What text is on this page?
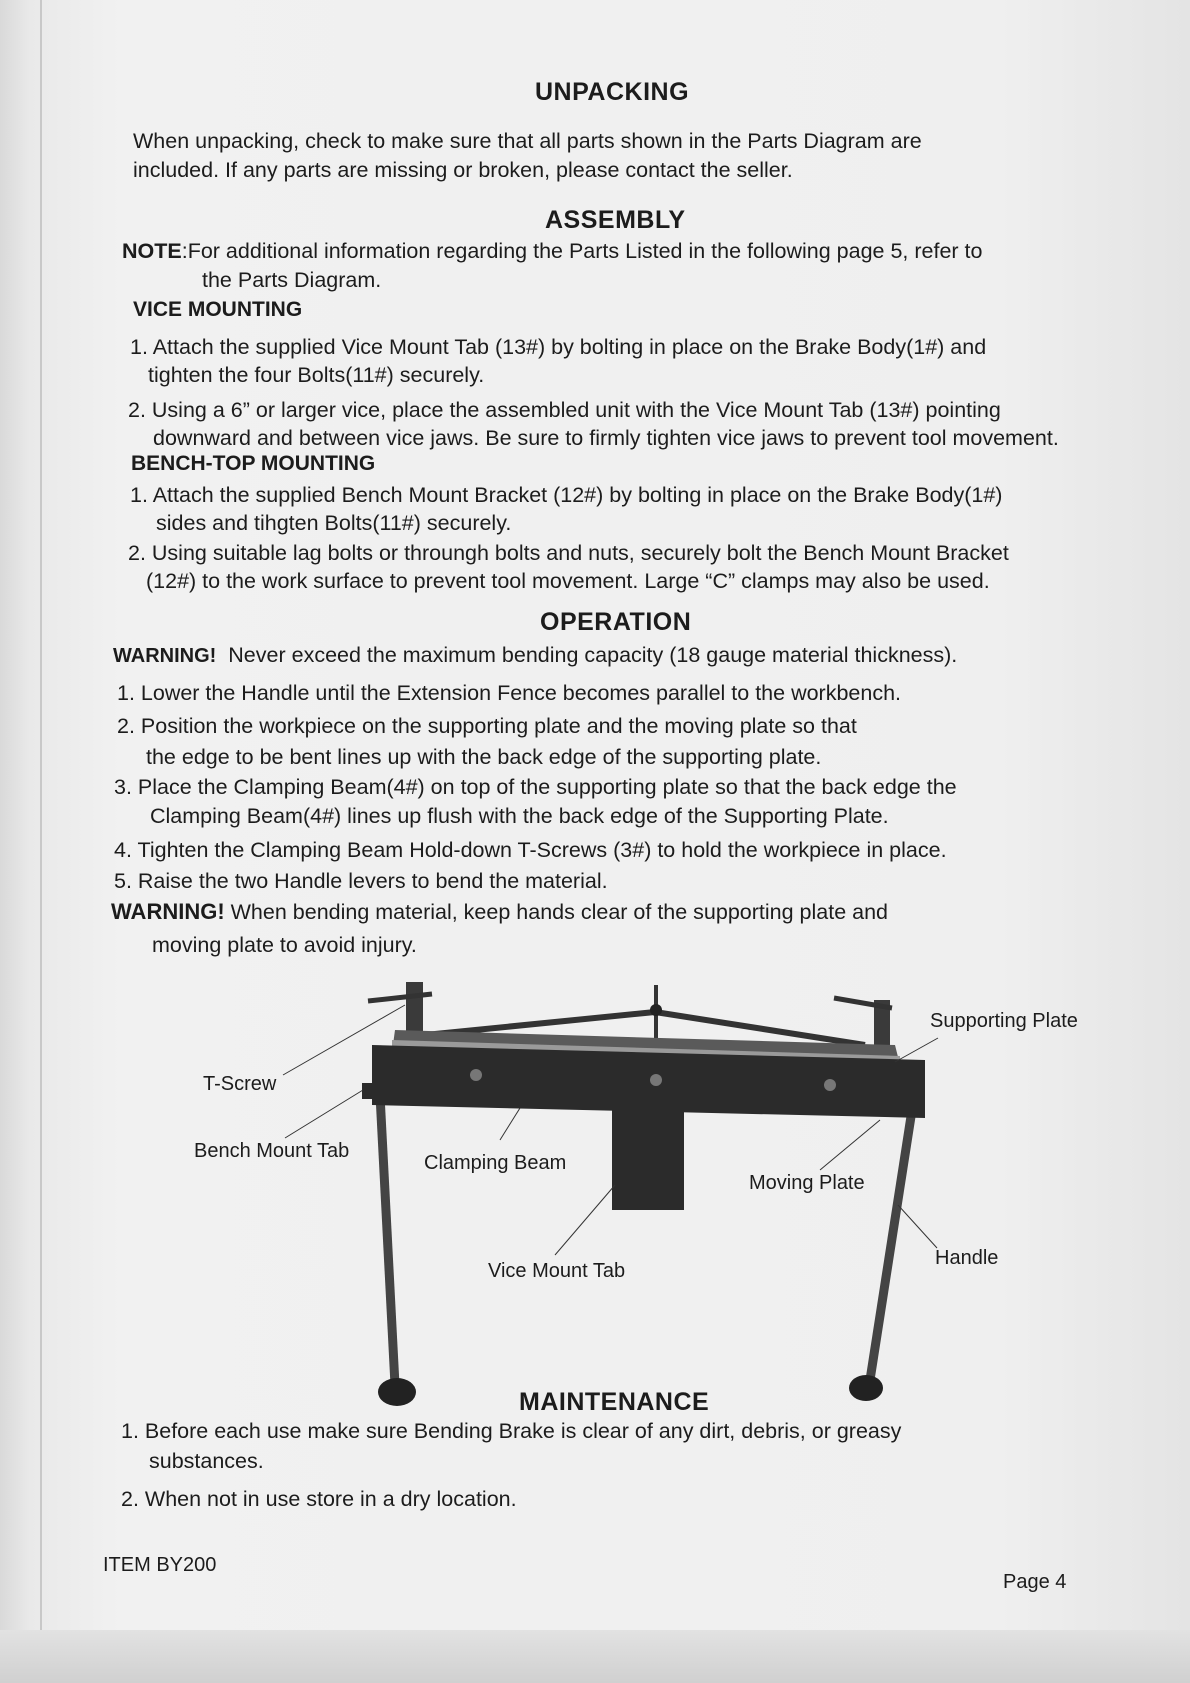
UNPACKING
When unpacking, check to make sure that all parts shown in the Parts Diagram are
included. If any parts are missing or broken, please contact the seller.
ASSEMBLY
NOTE:For additional information regarding the Parts Listed in the following page 5, refer to
the Parts Diagram.
VICE MOUNTING
1. Attach the supplied Vice Mount Tab (13#) by bolting in place on the Brake Body(1#) and
tighten the four Bolts(11#) securely.
2. Using a 6” or larger vice, place the assembled unit with the Vice Mount Tab (13#) pointing
downward and between vice jaws. Be sure to firmly tighten vice jaws to prevent tool movement.
BENCH-TOP MOUNTING
1. Attach the supplied Bench Mount Bracket (12#) by bolting in place on the Brake Body(1#)
sides and tihgten Bolts(11#) securely.
2. Using suitable lag bolts or throungh bolts and nuts, securely bolt the Bench Mount Bracket
(12#) to the work surface to prevent tool movement. Large “C” clamps may also be used.
OPERATION
WARNING! Never exceed the maximum bending capacity (18 gauge material thickness).
1. Lower the Handle until the Extension Fence becomes parallel to the workbench.
2. Position the workpiece on the supporting plate and the moving plate so that
the edge to be bent lines up with the back edge of the supporting plate.
3. Place the Clamping Beam(4#) on top of the supporting plate so that the back edge the
Clamping Beam(4#) lines up flush with the back edge of the Supporting Plate.
4. Tighten the Clamping Beam Hold-down T-Screws (3#) to hold the workpiece in place.
5. Raise the two Handle levers to bend the material.
WARNING! When bending material, keep hands clear of the supporting plate and
moving plate to avoid injury.
T-Screw
Bench Mount Tab
Clamping Beam
Vice Mount Tab
Supporting Plate
Moving Plate
Handle
MAINTENANCE
1. Before each use make sure Bending Brake is clear of any dirt, debris, or greasy
substances.
2. When not in use store in a dry location.
ITEM BY200
Page 4
